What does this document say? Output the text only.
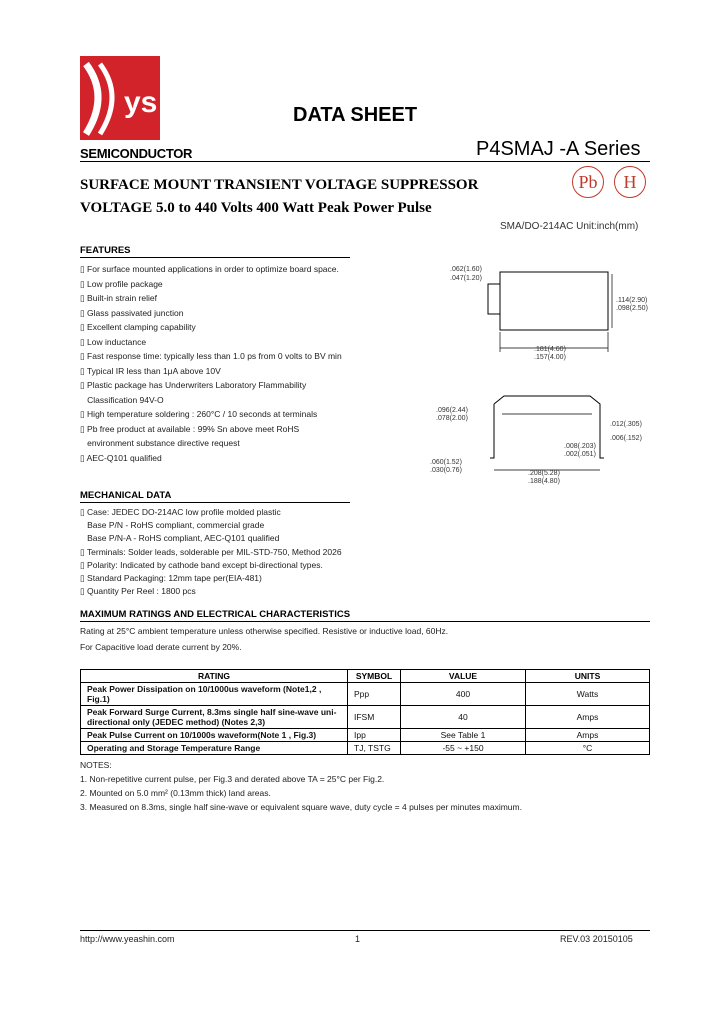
ys
SEMICONDUCTOR
DATA SHEET
P4SMAJ -A Series
Pb	H
SURFACE MOUNT TRANSIENT VOLTAGE SUPPRESSOR
VOLTAGE 5.0 to 440 Volts 400 Watt Peak Power Pulse
SMA/DO-214AC Unit:inch(mm)
FEATURES
▯ For surface mounted applications in order to optimize board space.
▯ Low profile package
▯ Built-in strain relief
▯ Glass passivated junction
▯ Excellent clamping capability
▯ Low inductance
▯ Fast response time: typically less than 1.0 ps from 0 volts to BV min
▯ Typical IR less than 1μA above 10V
▯ Plastic package has Underwriters Laboratory Flammability
Classification 94V-O
▯ High temperature soldering : 260°C / 10 seconds at terminals
▯ Pb free product at available : 99% Sn above meet RoHS
environment substance directive request
▯ AEC-Q101 qualified
.062(1.60)
.047(1.20)
.114(2.90)
.098(2.50)
.181(4.60)
.157(4.00)
.096(2.44)
.078(2.00)
.012(.305)
.006(.152)
.008(.203)
.002(.051)
.060(1.52)
.030(0.76)	.208(5.28)
.188(4.80)
MECHANICAL DATA
▯ Case: JEDEC DO-214AC low profile molded plastic
Base P/N - RoHS compliant, commercial grade
Base P/N-A - RoHS compliant, AEC-Q101 qualified
▯ Terminals: Solder leads, solderable per MIL-STD-750, Method 2026
▯ Polarity: Indicated by cathode band except bi-directional types.
▯ Standard Packaging: 12mm tape per(EIA-481)
▯ Quantity Per Reel : 1800 pcs
MAXIMUM RATINGS AND ELECTRICAL CHARACTERISTICS
Rating at 25°C ambient temperature unless otherwise specified. Resistive or inductive load, 60Hz.
For Capacitive load derate current by 20%.
RATING	SYMBOL	VALUE	UNITS
Peak Power Dissipation on 10/1000us waveform (Note1,2 , Fig.1)	Ppp	400	Watts
Peak Forward Surge Current, 8.3ms single half sine-wave uni-directional only (JEDEC method) (Notes 2,3)	IFSM	40	Amps
Peak Pulse Current on 10/1000s waveform(Note 1 , Fig.3)	Ipp	See Table 1	Amps
Operating and Storage Temperature Range	TJ, TSTG	-55 ~ +150	°C
NOTES:
1. Non-repetitive current pulse, per Fig.3 and derated above TA = 25°C per Fig.2.
2. Mounted on 5.0 mm² (0.13mm thick) land areas.
3. Measured on 8.3ms, single half sine-wave or equivalent square wave, duty cycle = 4 pulses per minutes maximum.
http://www.yeashin.com	1	REV.03 20150105
